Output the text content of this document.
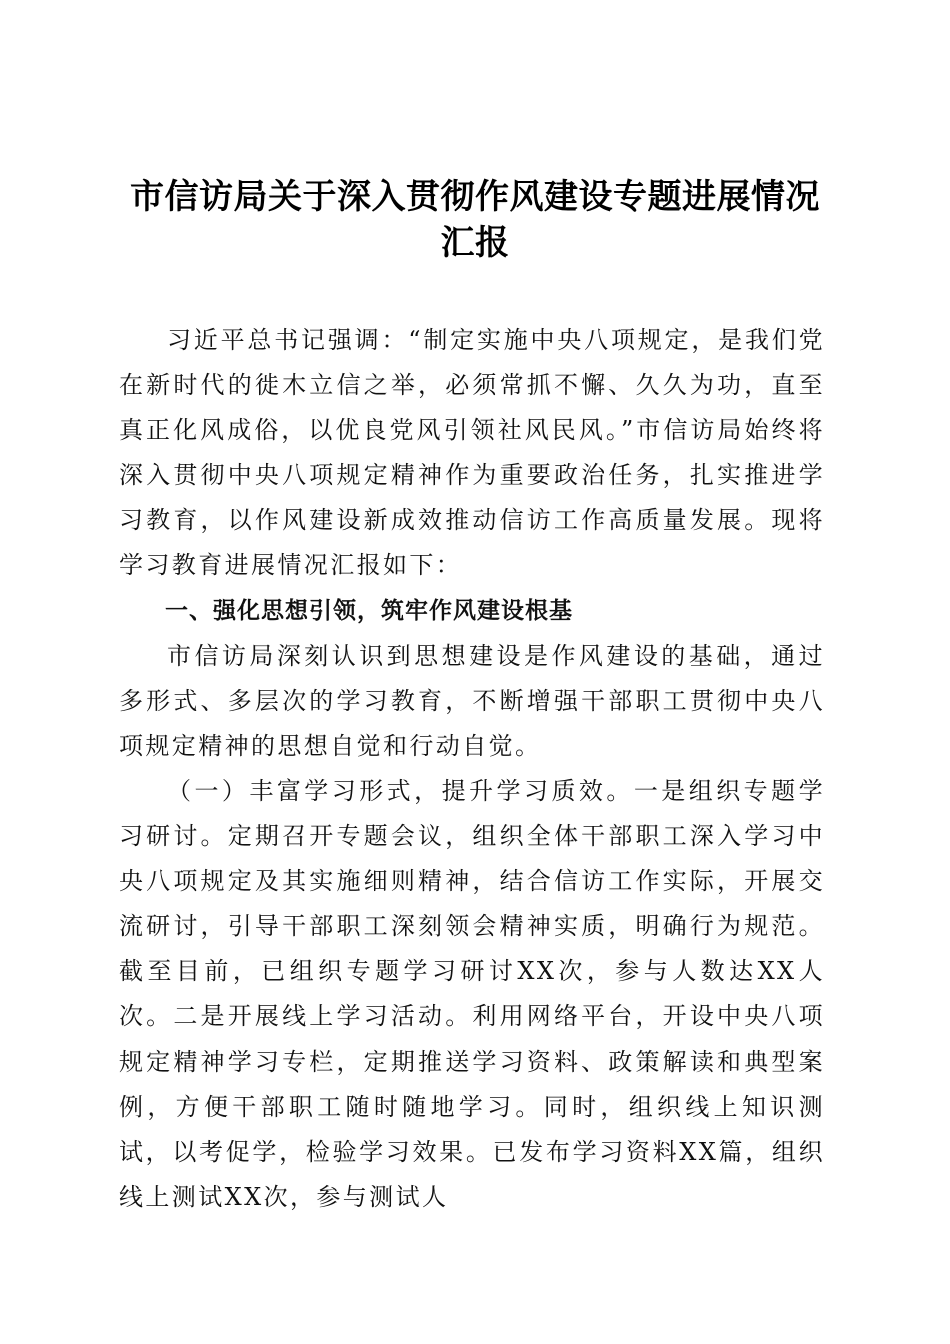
市信访局关于深入贯彻作风建设专题进展情况
汇报

习近平总书记强调：“制定实施中央八项规定，是我们党在新时代的徙木立信之举，必须常抓不懈、久久为功，直至真正化风成俗，以优良党风引领社风民风。”市信访局始终将深入贯彻中央八项规定精神作为重要政治任务，扎实推进学习教育，以作风建设新成效推动信访工作高质量发展。现将学习教育进展情况汇报如下：

一、强化思想引领，筑牢作风建设根基

市信访局深刻认识到思想建设是作风建设的基础，通过多形式、多层次的学习教育，不断增强干部职工贯彻中央八项规定精神的思想自觉和行动自觉。

（一）丰富学习形式，提升学习质效。一是组织专题学习研讨。定期召开专题会议，组织全体干部职工深入学习中央八项规定及其实施细则精神，结合信访工作实际，开展交流研讨，引导干部职工深刻领会精神实质，明确行为规范。截至目前，已组织专题学习研讨XX次，参与人数达XX人次。二是开展线上学习活动。利用网络平台，开设中央八项规定精神学习专栏，定期推送学习资料、政策解读和典型案例，方便干部职工随时随地学习。同时，组织线上知识测试，以考促学，检验学习效果。已发布学习资料XX篇，组织线上测试XX次，参与测试人
